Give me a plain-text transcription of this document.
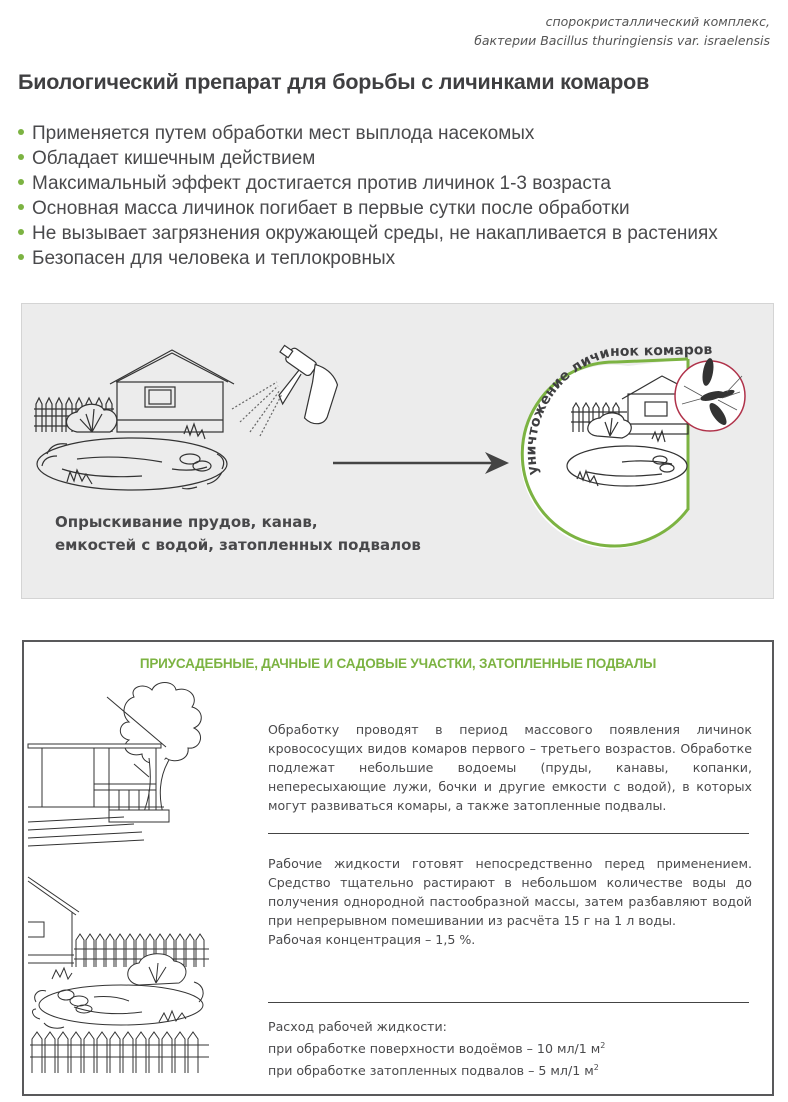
спорокристаллический комплекс,
бактерии Bacillus thuringiensis var. israelensis
Биологический препарат для борьбы с личинками комаров
Применяется путем обработки мест выплода насекомых
Обладает кишечным действием
Максимальный эффект достигается против личинок 1-3 возраста
Основная масса личинок погибает в первые сутки после обработки
Не вызывает загрязнения окружающей среды, не накапливается в растениях
Безопасен для человека и теплокровных
уничтожение личинок комаров
Опрыскивание прудов, канав,
емкостей с водой, затопленных подвалов
ПРИУСАДЕБНЫЕ, ДАЧНЫЕ И САДОВЫЕ УЧАСТКИ, ЗАТОПЛЕННЫЕ ПОДВАЛЫ
Обработку проводят в период массового появления личинок кровососущих видов комаров первого – третьего возрастов. Обработке подлежат небольшие водоемы (пруды, канавы, копанки, непересыхающие лужи, бочки и другие емкости с водой), в которых могут развиваться комары, а также затопленные подвалы.
Рабочие жидкости готовят непосредственно перед применением. Средство тщательно растирают в небольшом количестве воды до получения однородной пастообразной массы, затем разбавляют водой при непрерывном помешивании из расчёта 15 г на 1 л воды.
Рабочая концентрация – 1,5 %.
Расход рабочей жидкости:
при обработке поверхности водоёмов – 10 мл/1 $м^2$
при обработке затопленных подвалов – 5 мл/1 $м^2$
